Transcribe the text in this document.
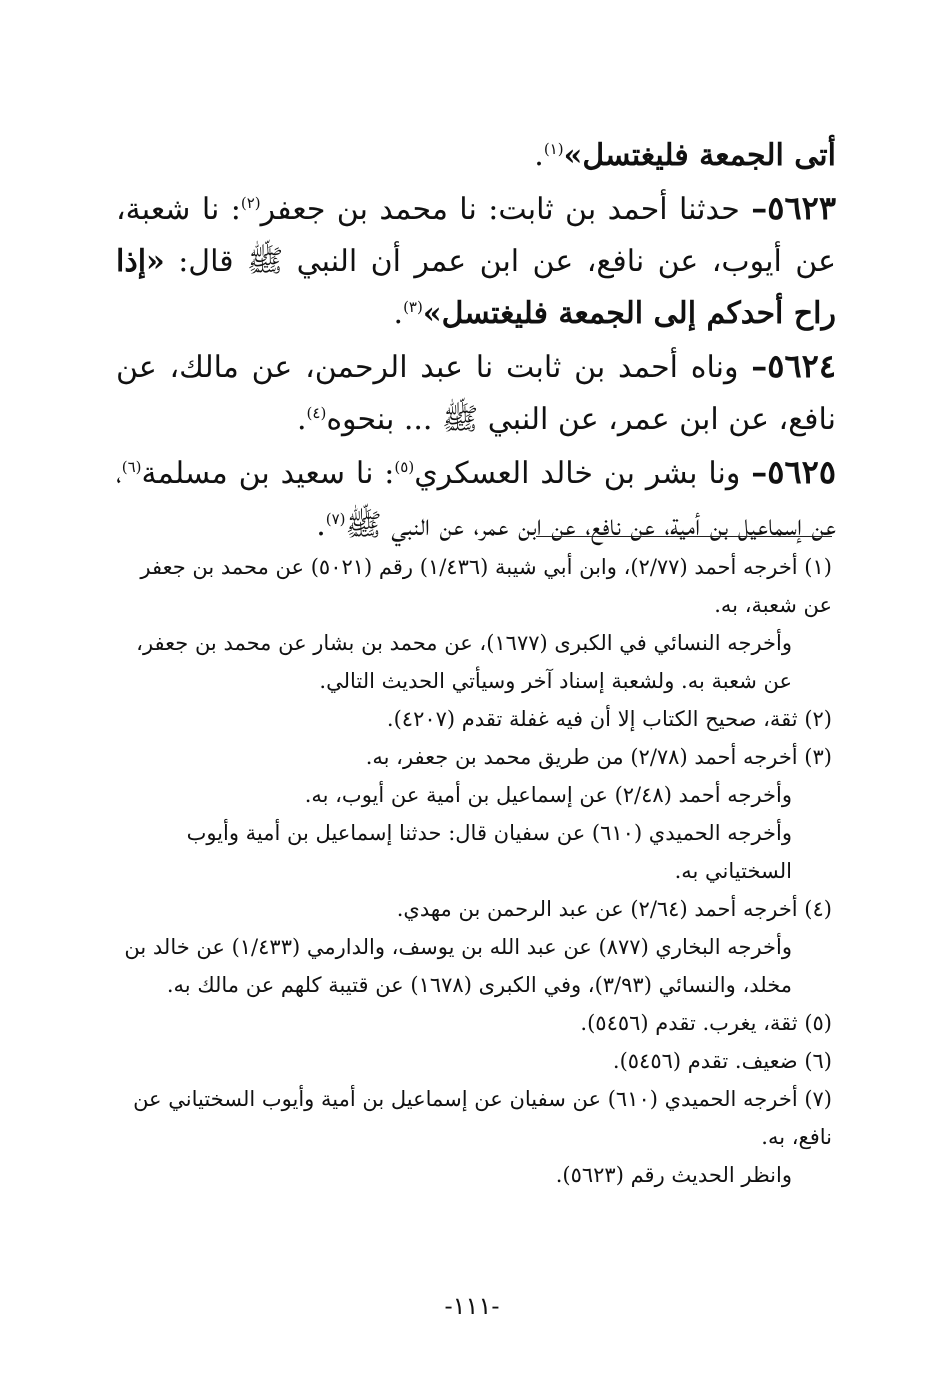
أتى الجمعة فليغتسل»$^{(١)}$.

٥٦٢٣– حدثنا أحمد بن ثابت: نا محمد بن جعفر$^{(٢)}$: نا شعبة، عن أيوب، عن نافع، عن ابن عمر أن النبي ﷺ قال: «إذا راح أحدكم إلى الجمعة فليغتسل»$^{(٣)}$.

٥٦٢٤– وناه أحمد بن ثابت نا عبد الرحمن، عن مالك، عن نافع، عن ابن عمر، عن النبي ﷺ ... بنحوه$^{(٤)}$.

٥٦٢٥– ونا بشر بن خالد العسكري$^{(٥)}$: نا سعيد بن مسلمة$^{(٦)}$، عن إسماعيل بن أمية، عن نافع، عن ابن عمر، عن النبي ﷺ$^{(٧)}$.

(١) أخرجه أحمد (٢/٧٧)، وابن أبي شيبة (١/٤٣٦) رقم (٥٠٢١) عن محمد بن جعفر عن شعبة، به.

وأخرجه النسائي في الكبرى (١٦٧٧)، عن محمد بن بشار عن محمد بن جعفر، عن شعبة به. ولشعبة إسناد آخر وسيأتي الحديث التالي.

(٢) ثقة، صحيح الكتاب إلا أن فيه غفلة تقدم (٤٢٠٧).

(٣) أخرجه أحمد (٢/٧٨) من طريق محمد بن جعفر، به.

وأخرجه أحمد (٢/٤٨) عن إسماعيل بن أمية عن أيوب، به.

وأخرجه الحميدي (٦١٠) عن سفيان قال: حدثنا إسماعيل بن أمية وأيوب السختياني به.

(٤) أخرجه أحمد (٢/٦٤) عن عبد الرحمن بن مهدي.

وأخرجه البخاري (٨٧٧) عن عبد الله بن يوسف، والدارمي (١/٤٣٣) عن خالد بن مخلد، والنسائي (٣/٩٣)، وفي الكبرى (١٦٧٨) عن قتيبة كلهم عن مالك به.

(٥) ثقة، يغرب. تقدم (٥٤٥٦).

(٦) ضعيف. تقدم (٥٤٥٦).

(٧) أخرجه الحميدي (٦١٠) عن سفيان عن إسماعيل بن أمية وأيوب السختياني عن نافع، به.

وانظر الحديث رقم (٥٦٢٣).

-١١١-
